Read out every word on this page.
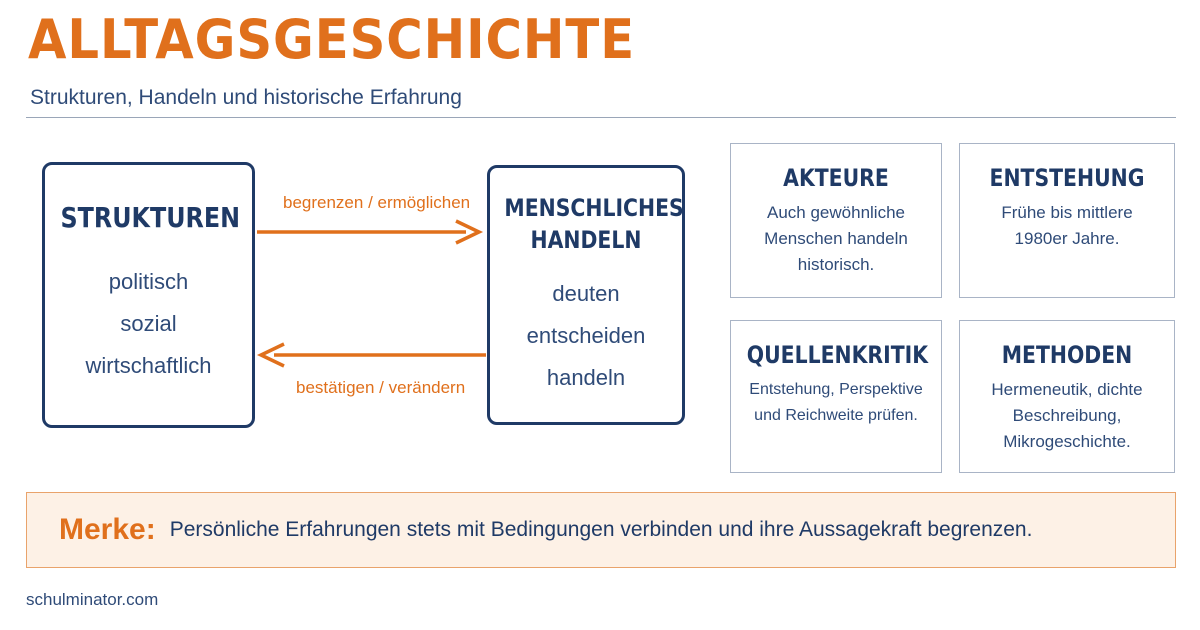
ALLTAGSGESCHICHTE
Strukturen, Handeln und historische Erfahrung
STRUKTUREN
politisch
sozial
wirtschaftlich
MENSCHLICHES
HANDELN
deuten
entscheiden
handeln
begrenzen / ermöglichen
bestätigen / verändern
AKTEURE
Auch gewöhnliche Menschen handeln historisch.
ENTSTEHUNG
Frühe bis mittlere 1980er Jahre.
QUELLENKRITIK
Entstehung, Perspektive und Reichweite prüfen.
METHODEN
Hermeneutik, dichte Beschreibung, Mikrogeschichte.
Merke: Persönliche Erfahrungen stets mit Bedingungen verbinden und ihre Aussagekraft begrenzen.
schulminator.com
